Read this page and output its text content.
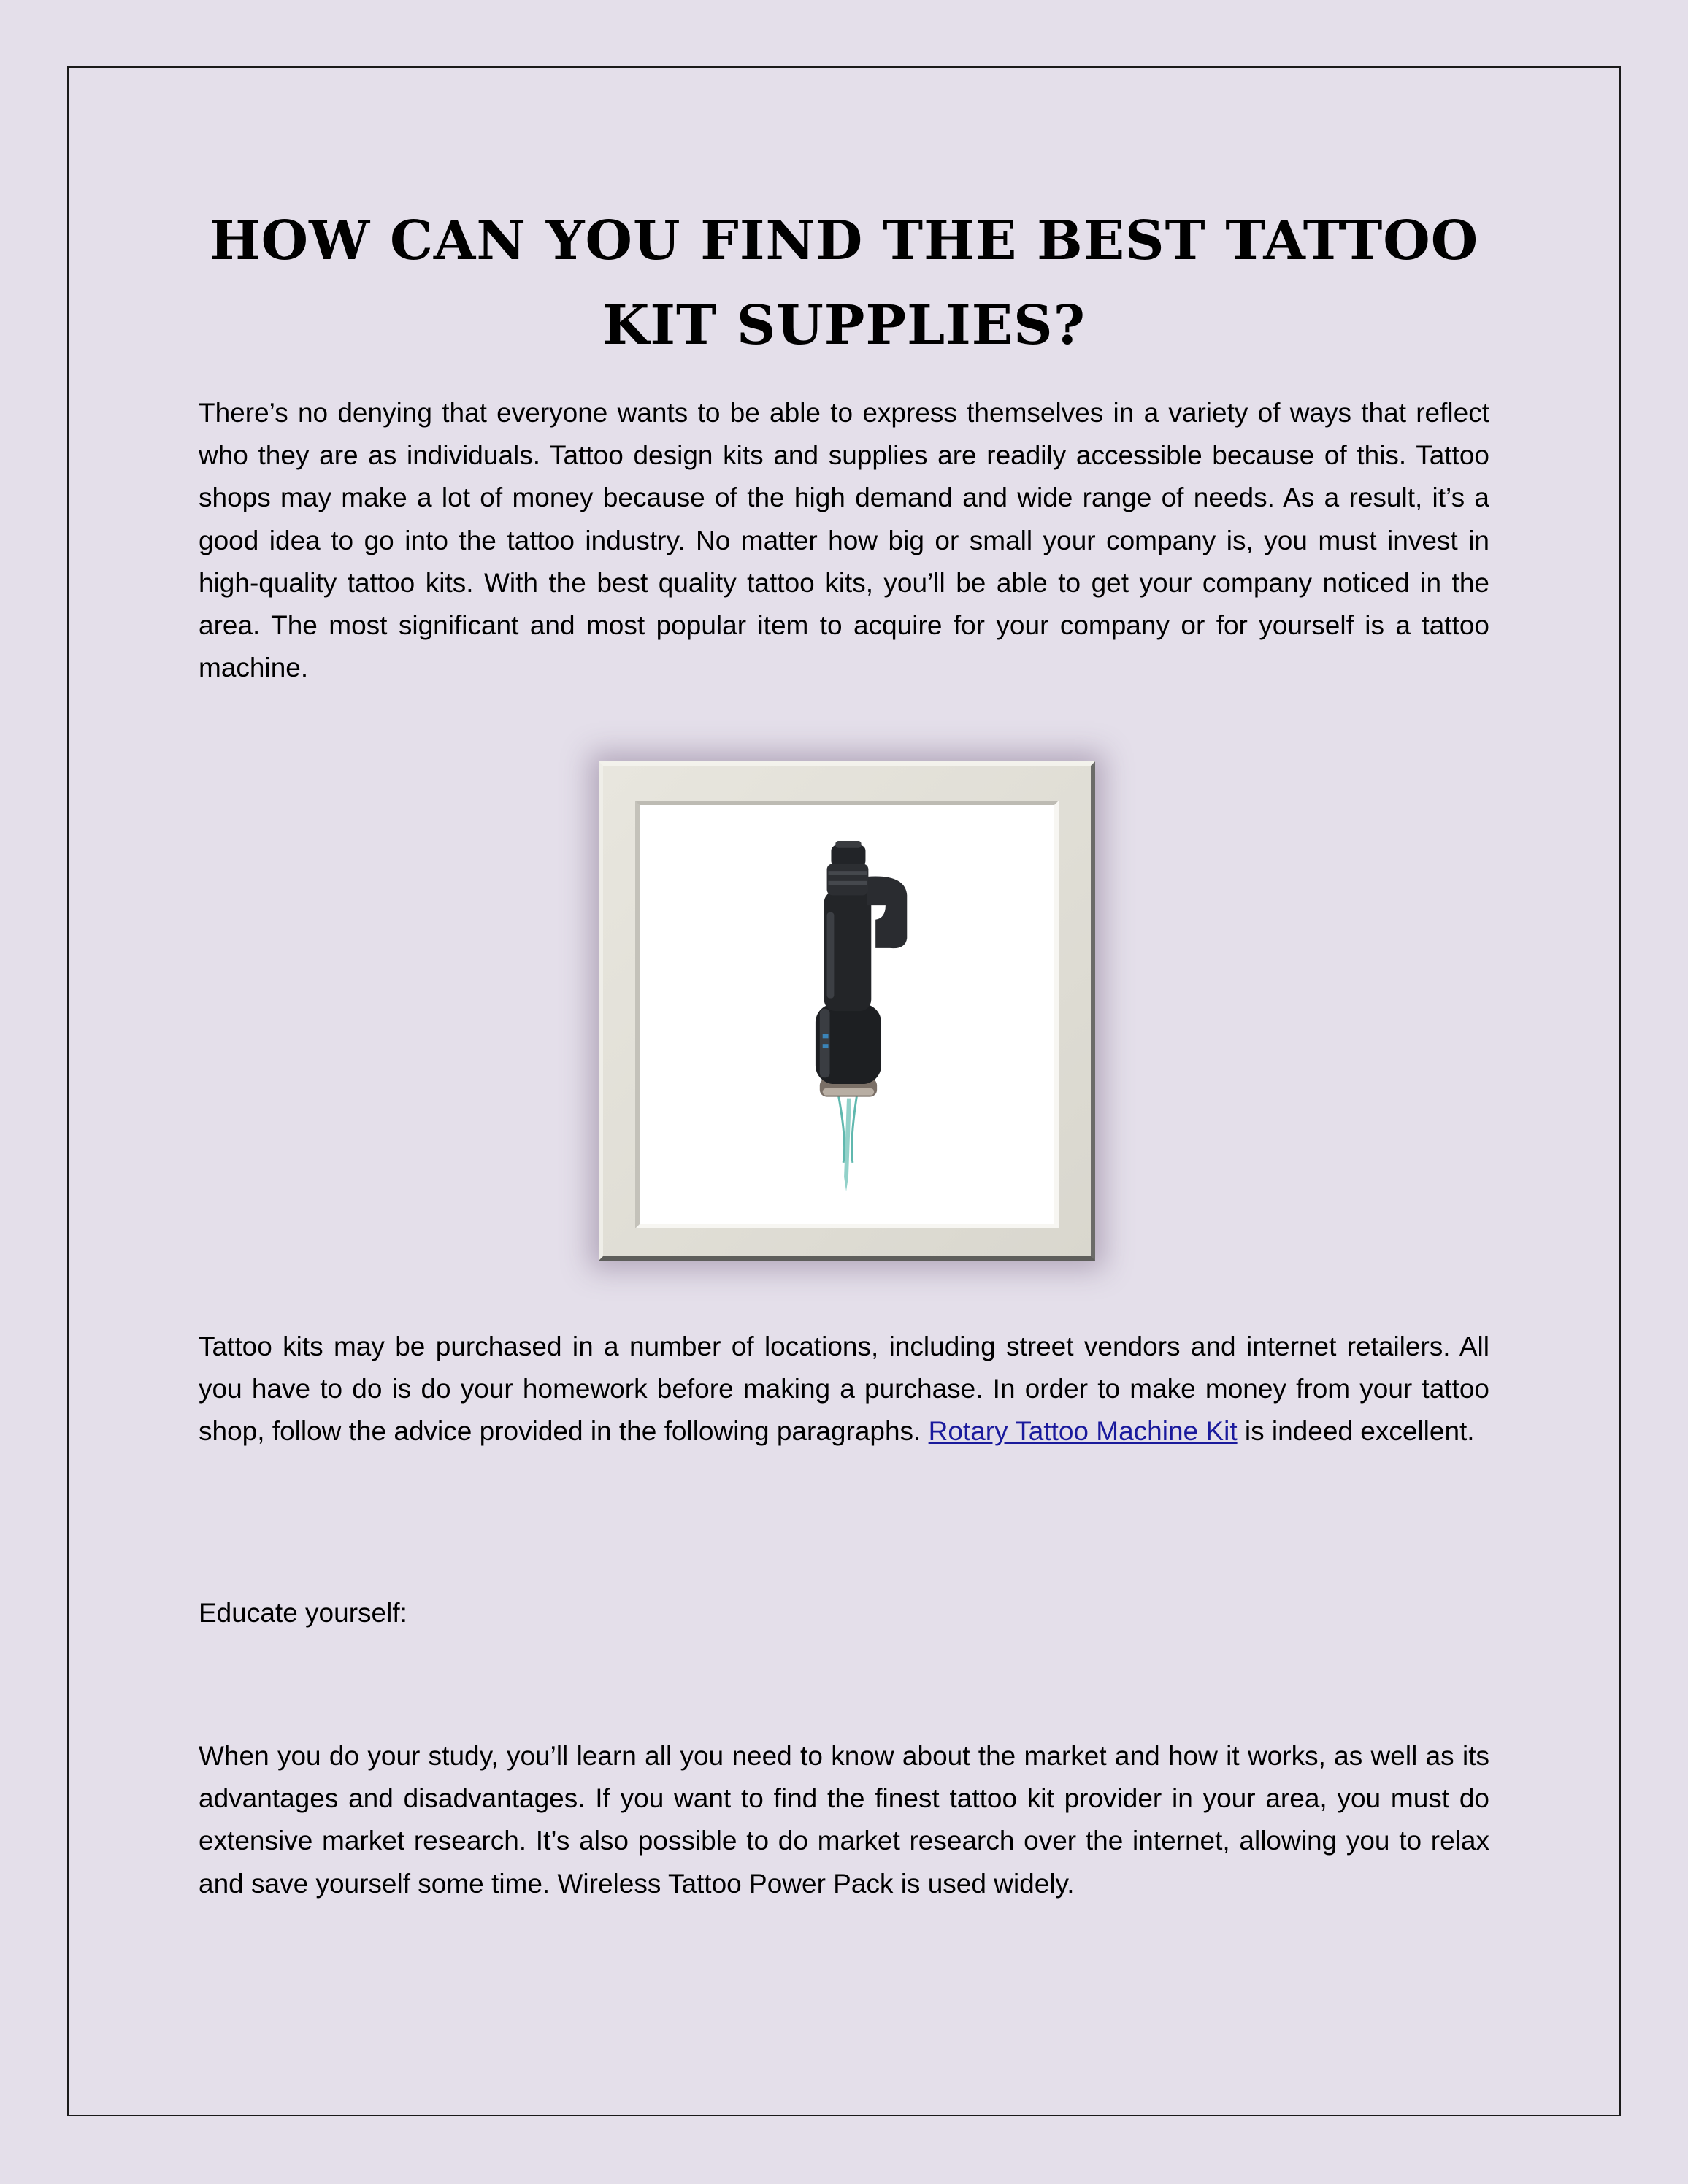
HOW CAN YOU FIND THE BEST TATTOO KIT SUPPLIES?

There’s no denying that everyone wants to be able to express themselves in a variety of ways that reflect who they are as individuals. Tattoo design kits and supplies are readily accessible because of this. Tattoo shops may make a lot of money because of the high demand and wide range of needs. As a result, it’s a good idea to go into the tattoo industry. No matter how big or small your company is, you must invest in high-quality tattoo kits. With the best quality tattoo kits, you’ll be able to get your company noticed in the area. The most significant and most popular item to acquire for your company or for yourself is a tattoo machine.

Tattoo kits may be purchased in a number of locations, including street vendors and internet retailers. All you have to do is do your homework before making a purchase. In order to make money from your tattoo shop, follow the advice provided in the following paragraphs. Rotary Tattoo Machine Kit is indeed excellent.

Educate yourself:

When you do your study, you’ll learn all you need to know about the market and how it works, as well as its advantages and disadvantages. If you want to find the finest tattoo kit provider in your area, you must do extensive market research. It’s also possible to do market research over the internet, allowing you to relax and save yourself some time. Wireless Tattoo Power Pack is used widely.
